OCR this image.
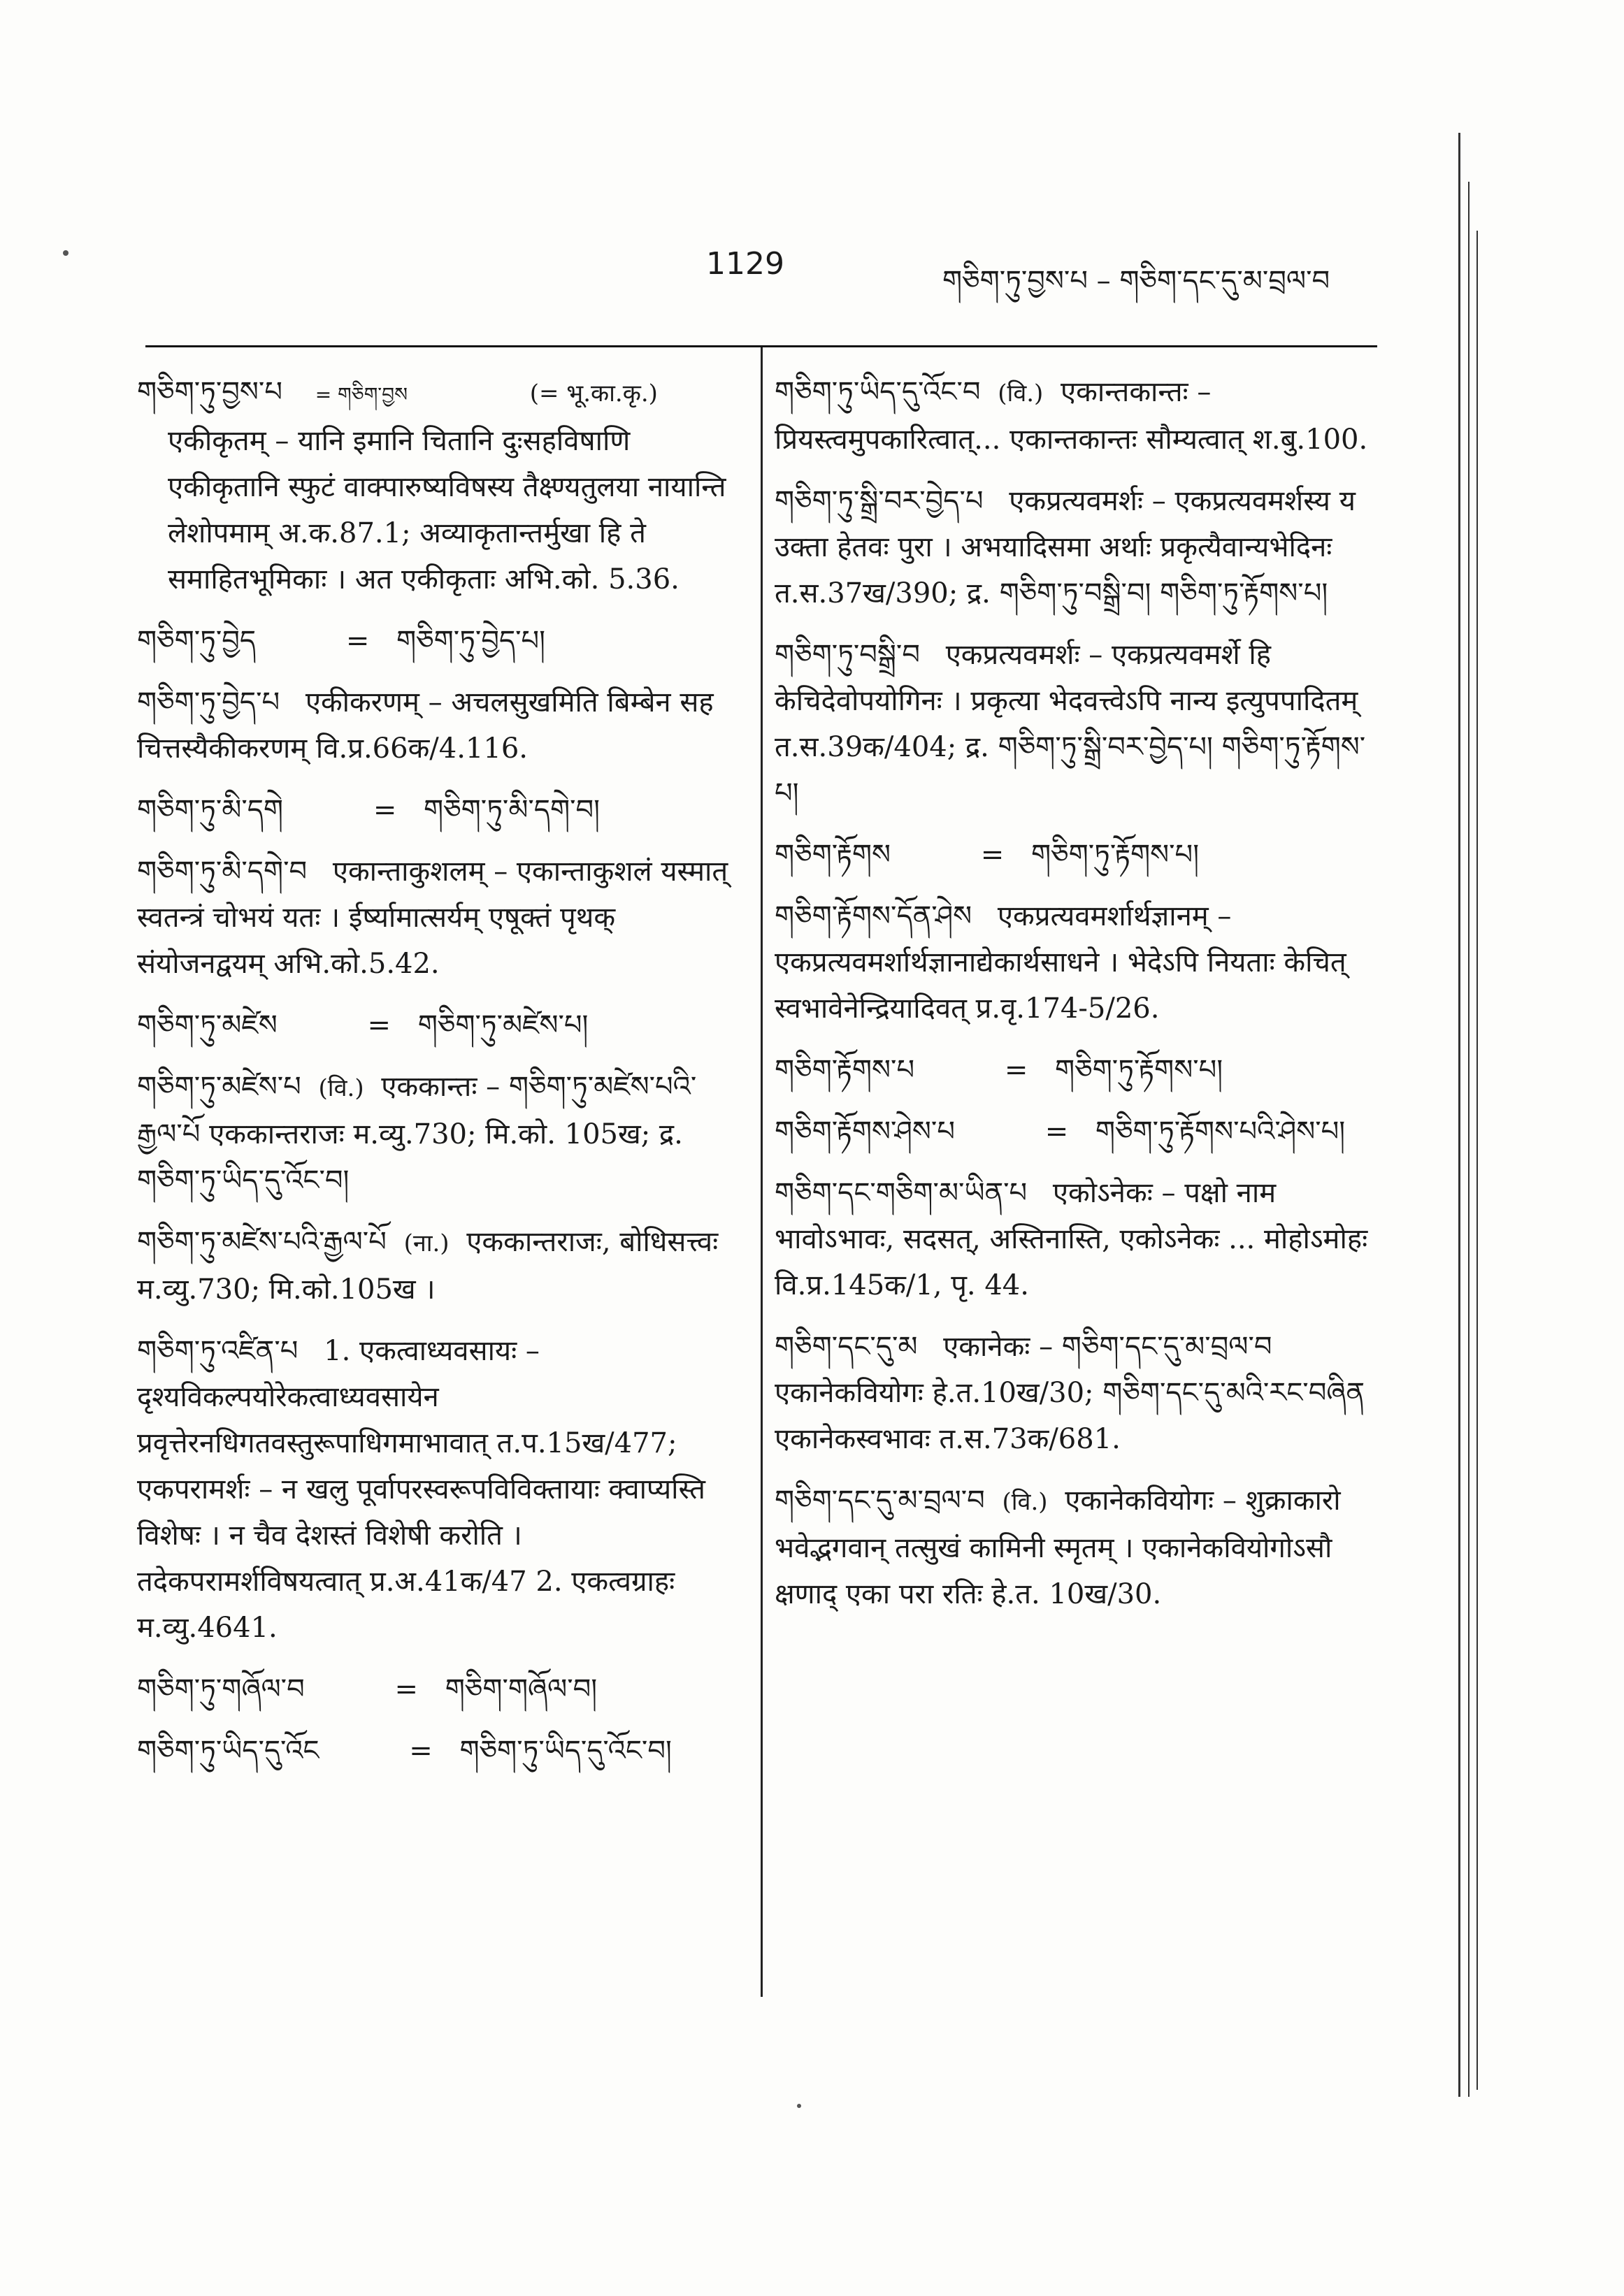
1129	གཅིག་ཏུ་བྱས་པ – གཅིག་དང་དུ་མ་བྲལ་བ
གཅིག་ཏུ་བྱས་པ = གཅིག་བྱས	(= भू.का.कृ.)
एकीकृतम् – यानि इमानि चितानि दुःसहविषाणि एकीकृतानि स्फुटं वाक्पारुष्यविषस्य तैक्ष्ण्यतुलया नायान्ति लेशोपमाम् अ.क.87.1; अव्याकृतान्तर्मुखा हि ते समाहितभूमिकाः । अत एकीकृताः अभि.को. 5.36.
གཅིག་ཏུ་བྱེད	= གཅིག་ཏུ་བྱེད་པ།
གཅིག་ཏུ་བྱེད་པ एकीकरणम् – अचलसुखमिति बिम्बेन सह चित्तस्यैकीकरणम् वि.प्र.66क/4.116.
གཅིག་ཏུ་མི་དགེ	= གཅིག་ཏུ་མི་དགེ་བ།
གཅིག་ཏུ་མི་དགེ་བ एकान्ताकुशलम् – एकान्ताकुशलं यस्मात् स्वतन्त्रं चोभयं यतः । ईर्ष्यामात्सर्यम् एषूक्तं पृथक् संयोजनद्वयम् अभि.को.5.42.
གཅིག་ཏུ་མཛེས	= གཅིག་ཏུ་མཛེས་པ།
གཅིག་ཏུ་མཛེས་པ (वि.) एककान्तः – གཅིག་ཏུ་མཛེས་པའི་རྒྱལ་པོ एककान्तराजः म.व्यु.730; मि.को. 105ख; द्र. གཅིག་ཏུ་ཡིད་དུ་འོང་བ།
གཅིག་ཏུ་མཛེས་པའི་རྒྱལ་པོ (ना.) एककान्तराजः, बोधिसत्त्वः म.व्यु.730; मि.को.105ख ।
གཅིག་ཏུ་འཛིན་པ 1. एकत्वाध्यवसायः – दृश्यविकल्पयोरेकत्वाध्यवसायेन प्रवृत्तेरनधिगतवस्तुरूपाधिगमाभावात् त.प.15ख/477; एकपरामर्शः – न खलु पूर्वापरस्वरूपविविक्तायाः क्वाप्यस्ति विशेषः । न चैव देशस्तं विशेषी करोति । तदेकपरामर्शविषयत्वात् प्र.अ.41क/47 2. एकत्वग्राहः म.व्यु.4641.
གཅིག་ཏུ་གཞོལ་བ	= གཅིག་གཞོལ་བ།
གཅིག་ཏུ་ཡིད་དུ་འོང	= གཅིག་ཏུ་ཡིད་དུ་འོང་བ།
གཅིག་ཏུ་ཡིད་དུ་འོང་བ (वि.) एकान्तकान्तः – प्रियस्त्वमुपकारित्वात्... एकान्तकान्तः सौम्यत्वात् श.बु.100.
གཅིག་ཏུ་སྒྲི་བར་བྱེད་པ एकप्रत्यवमर्शः – एकप्रत्यवमर्शस्य य उक्ता हेतवः पुरा । अभयादिसमा अर्थाः प्रकृत्यैवान्यभेदिनः त.स.37ख/390; द्र. གཅིག་ཏུ་བསྒྲི་བ། གཅིག་ཏུ་རྟོགས་པ།
གཅིག་ཏུ་བསྒྲི་བ एकप्रत्यवमर्शः – एकप्रत्यवमर्शे हि केचिदेवोपयोगिनः । प्रकृत्या भेदवत्त्वेऽपि नान्य इत्युपपादितम् त.स.39क/404; द्र. གཅིག་ཏུ་སྒྲི་བར་བྱེད་པ། གཅིག་ཏུ་རྟོགས་པ།
གཅིག་རྟོགས	= གཅིག་ཏུ་རྟོགས་པ།
གཅིག་རྟོགས་དོན་ཤེས एकप्रत्यवमर्शार्थज्ञानम् – एकप्रत्यवमर्शार्थज्ञानाद्येकार्थसाधने । भेदेऽपि नियताः केचित् स्वभावेनेन्द्रियादिवत् प्र.वृ.174-5/26.
གཅིག་རྟོགས་པ	= གཅིག་ཏུ་རྟོགས་པ།
གཅིག་རྟོགས་ཤེས་པ	= གཅིག་ཏུ་རྟོགས་པའི་ཤེས་པ།
གཅིག་དང་གཅིག་མ་ཡིན་པ एकोऽनेकः – पक्षो नाम भावोऽभावः, सदसत्, अस्तिनास्ति, एकोऽनेकः ... मोहोऽमोहः वि.प्र.145क/1, पृ. 44.
གཅིག་དང་དུ་མ एकानेकः – གཅིག་དང་དུ་མ་བྲལ་བ एकानेकवियोगः हे.त.10ख/30; གཅིག་དང་དུ་མའི་རང་བཞིན एकानेकस्वभावः त.स.73क/681.
གཅིག་དང་དུ་མ་བྲལ་བ (वि.) एकानेकवियोगः – शुक्राकारो भवेद्भगवान् तत्सुखं कामिनी स्मृतम् । एकानेकवियोगोऽसौ क्षणाद् एका परा रतिः हे.त. 10ख/30.
